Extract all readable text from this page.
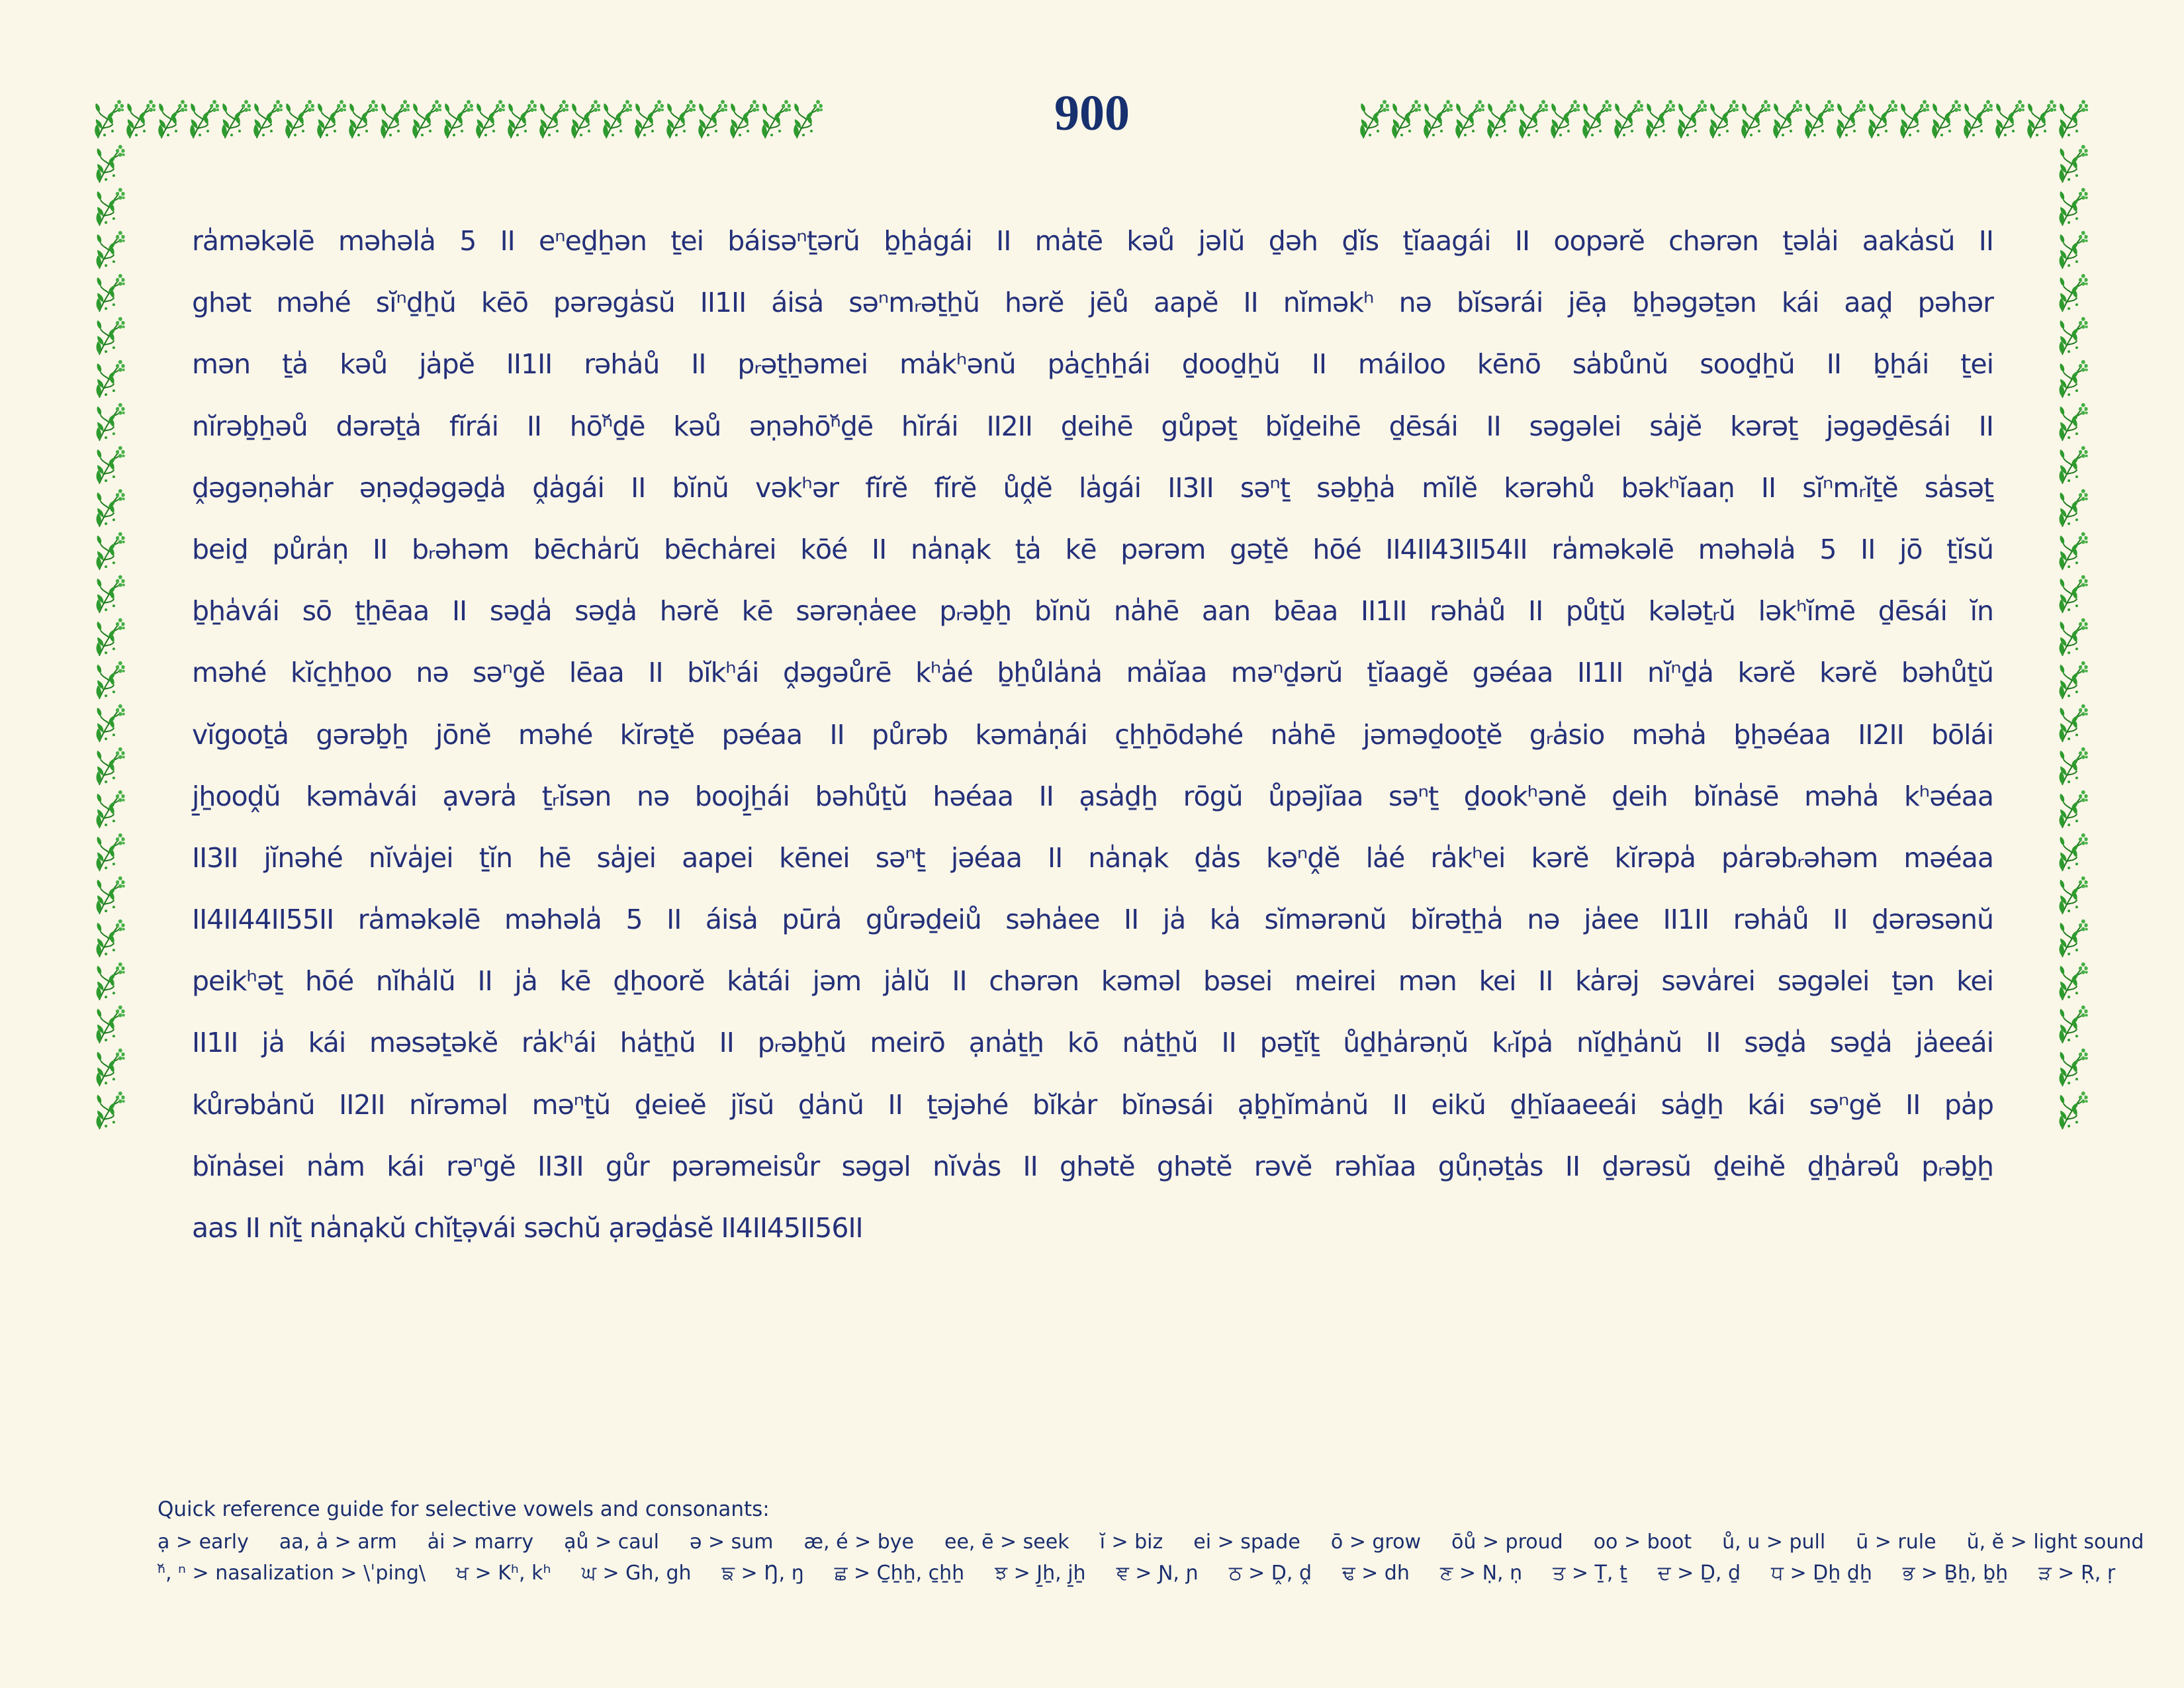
900
ra̍məkəlē məhəla̍ 5 II eⁿeḏẖən ṯei báisəⁿṯərŭ ḇẖa̍gái II ma̍tē kəů jəlŭ ḏəh ḏĭs ṯĭaagái II oopərĕ chərən ṯəla̍i aaka̍sŭ II
ghət məhé sĭⁿḏẖŭ kēō pərəga̍sŭ II1II áisa̍ səⁿmᵣəṯẖŭ hərĕ jēů aapĕ II nĭməkʰ nə bĭsərái jēạ ḇẖəgəṯən kái aaḓ pəhər
mən ṯa̍ kəů ja̍pĕ II1II rəha̍ů II pᵣəṯẖəmei ma̍kʰənŭ pa̍c̱ẖẖái ḏooḏẖŭ II máiloo kēnō sa̍bůnŭ sooḏẖŭ II ḇẖái ṯei
nĭrəḇẖəů dərəṯa̍ fĭrái II hōⁿ̆ḏē kəů əṇəhōⁿ̆ḏē hĭrái II2II ḏeihē gůpəṯ bĭḏeihē ḏēsái II səgəlei sa̍jĕ kərəṯ jəgəḏēsái II
ḓəgəṇəha̍r əṇəḓəgəḏa̍ ḓa̍gái II bĭnŭ vəkʰər fĭrĕ fĭrĕ ůḓĕ la̍gái II3II səⁿṯ səḇẖa̍ mĭlĕ kərəhů bəkʰĭaaṇ II sĭⁿmᵣĭṯĕ sa̍səṯ
beiḏ půra̍ṇ II bᵣəhəm bēcha̍rŭ bēcha̍rei kōé II na̍nạk ṯa̍ kē pərəm gəṯĕ hōé II4II43II54II ra̍məkəlē məhəla̍ 5 II jō ṯĭsŭ
ḇẖa̍vái sō ṯẖēaa II səḏa̍ səḏa̍ hərĕ kē sərəṇa̍ee pᵣəḇẖ bĭnŭ na̍hē aan bēaa II1II rəha̍ů II půṯŭ kələṯᵣŭ ləkʰĭmē ḏēsái ĭn
məhé kĭc̱ẖẖoo nə səⁿgĕ lēaa II bĭkʰái ḓəgəůrē kʰa̍é ḇẖůla̍na̍ ma̍ĭaa məⁿḏərŭ ṯĭaagĕ gəéaa II1II nĭⁿḏa̍ kərĕ kərĕ bəhůṯŭ
vĭgooṯa̍ gərəḇẖ jōnĕ məhé kĭrəṯĕ pəéaa II půrəb kəma̍ṇái c̱ẖẖōdəhé na̍hē jəməḏooṯĕ gᵣa̍sio məha̍ ḇẖəéaa II2II bōlái
j̱ẖooḓŭ kəma̍vái ạvəra̍ ṯᵣĭsən nə booj̱ẖái bəhůṯŭ həéaa II ạsa̍ḏẖ rōgŭ ůpəjĭaa səⁿṯ ḏookʰənĕ ḏeih bĭna̍sē məha̍ kʰəéaa
II3II jĭnəhé nĭva̍jei ṯĭn hē sa̍jei aapei kēnei səⁿṯ jəéaa II na̍nạk ḏa̍s kəⁿḓĕ la̍é ra̍kʰei kərĕ kĭrəpa̍ pa̍rəbᵣəhəm məéaa
II4II44II55II ra̍məkəlē məhəla̍ 5 II áisa̍ pūra̍ gůrəḏeiů səha̍ee II ja̍ ka̍ sĭmərənŭ bĭrəṯẖa̍ nə ja̍ee II1II rəha̍ů II ḏərəsənŭ
peikʰəṯ hōé nĭha̍lŭ II ja̍ kē ḏẖoorĕ ka̍tái jəm ja̍lŭ II chərən kəməl bəsei meirei mən kei II ka̍rəj səva̍rei səgəlei ṯən kei
II1II ja̍ kái məsəṯəkĕ ra̍kʰái ha̍ṯẖŭ II pᵣəḇẖŭ meirō ạna̍ṯẖ kō na̍ṯẖŭ II pəṯĭṯ ůḏẖa̍rəṇŭ kᵣĭpa̍ nĭḏẖa̍nŭ II səḏa̍ səḏa̍ ja̍eeái
kůrəba̍nŭ II2II nĭrəməl məⁿṯŭ ḏeieĕ jĭsŭ ḏa̍nŭ II ṯəjəhé bĭka̍r bĭnəsái ạḇẖĭma̍nŭ II eikŭ ḏẖĭaaeeái sa̍ḏẖ kái səⁿgĕ II pa̍p
bĭna̍sei na̍m kái rəⁿgĕ II3II gůr pərəmeisůr səgəl nĭva̍s II ghətĕ ghətĕ rəvĕ rəhĭaa gůṇəṯa̍s II ḏərəsŭ ḏeihĕ ḏẖa̍rəů pᵣəḇẖ
aas II nĭṯ na̍nạkŭ chĭṯə̣vái səchŭ ạrəḏa̍sĕ II4II45II56II
Quick reference guide for selective vowels and consonants:
ạ > early aa, a̍ > arm a̍i > marry ạů > caul ə > sum æ, é > bye ee, ē > seek ĭ > biz ei > spade ō > grow ōů > proud oo > boot ů, u > pull ū > rule ŭ, ĕ > light sound
ⁿ̆, ⁿ > nasalization > \ˈping\ ਖ > Kʰ, kʰ ਘ > Gh, gh ਙ > Ŋ, ŋ ਛ > C̱ẖẖ, c̱ẖẖ ਝ > J̱ẖ, j̱ẖ ਞ > Ɲ, ɲ ਠ > Ḓ, ḓ ਢ > dh ਣ > Ṇ, ṇ ਤ > Ṯ, ṯ ਦ > Ḏ, ḏ ਧ > Ḏẖ ḏẖ ਭ > Ḇẖ, ḇẖ ੜ > Ṛ, ṛ
